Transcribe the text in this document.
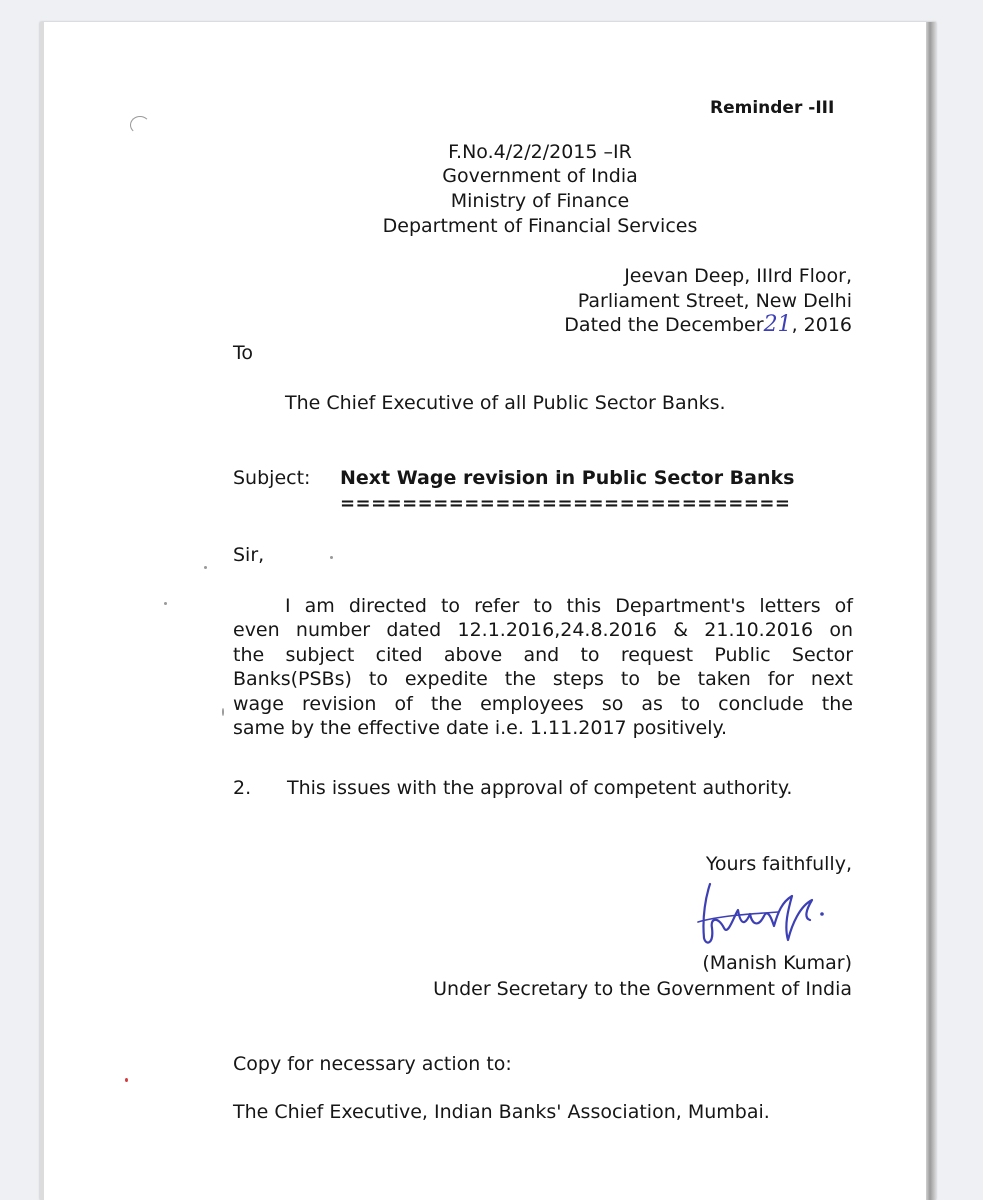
Reminder -III
F.No.4/2/2/2015 –IR
Government of India
Ministry of Finance
Department of Financial Services
Jeevan Deep, IIIrd Floor,
Parliament Street, New Delhi
Dated the December21, 2016
To
The Chief Executive of all Public Sector Banks.
Subject: Next Wage revision in Public Sector Banks
=============================
Sir,
I am directed to refer to this Department's letters of
even number dated 12.1.2016,24.8.2016 & 21.10.2016 on
the subject cited above and to request Public Sector
Banks(PSBs) to expedite the steps to be taken for next
wage revision of the employees so as to conclude the
same by the effective date i.e. 1.11.2017 positively.
2. This issues with the approval of competent authority.
Yours faithfully,
(Manish Kumar)
Under Secretary to the Government of India
Copy for necessary action to:
The Chief Executive, Indian Banks' Association, Mumbai.
